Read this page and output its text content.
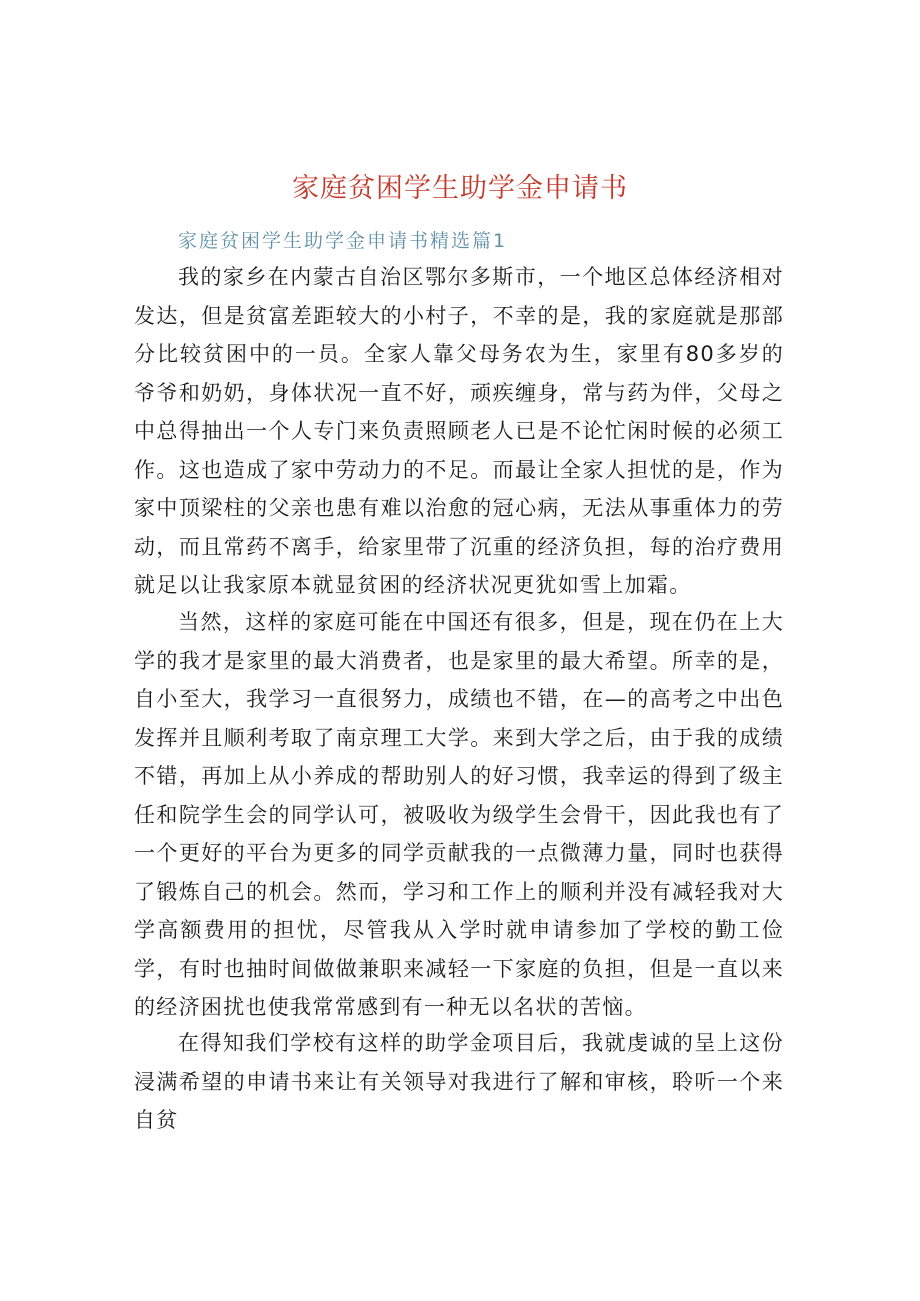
家庭贫困学生助学金申请书
家庭贫困学生助学金申请书精选篇1

我的家乡在内蒙古自治区鄂尔多斯市，一个地区总体经济相对发达，但是贫富差距较大的小村子，不幸的是，我的家庭就是那部分比较贫困中的一员。全家人靠父母务农为生，家里有80多岁的爷爷和奶奶，身体状况一直不好，顽疾缠身，常与药为伴，父母之中总得抽出一个人专门来负责照顾老人已是不论忙闲时候的必须工作。这也造成了家中劳动力的不足。而最让全家人担忧的是，作为家中顶梁柱的父亲也患有难以治愈的冠心病，无法从事重体力的劳动，而且常药不离手，给家里带了沉重的经济负担，每的治疗费用就足以让我家原本就显贫困的经济状况更犹如雪上加霜。

当然，这样的家庭可能在中国还有很多，但是，现在仍在上大学的我才是家里的最大消费者，也是家里的最大希望。所幸的是，自小至大，我学习一直很努力，成绩也不错，在—的高考之中出色发挥并且顺利考取了南京理工大学。来到大学之后，由于我的成绩不错，再加上从小养成的帮助别人的好习惯，我幸运的得到了级主任和院学生会的同学认可，被吸收为级学生会骨干，因此我也有了一个更好的平台为更多的同学贡献我的一点微薄力量，同时也获得了锻炼自己的机会。然而，学习和工作上的顺利并没有减轻我对大学高额费用的担忧，尽管我从入学时就申请参加了学校的勤工俭学，有时也抽时间做做兼职来减轻一下家庭的负担，但是一直以来的经济困扰也使我常常感到有一种无以名状的苦恼。

在得知我们学校有这样的助学金项目后，我就虔诚的呈上这份浸满希望的申请书来让有关领导对我进行了解和审核，聆听一个来自贫
